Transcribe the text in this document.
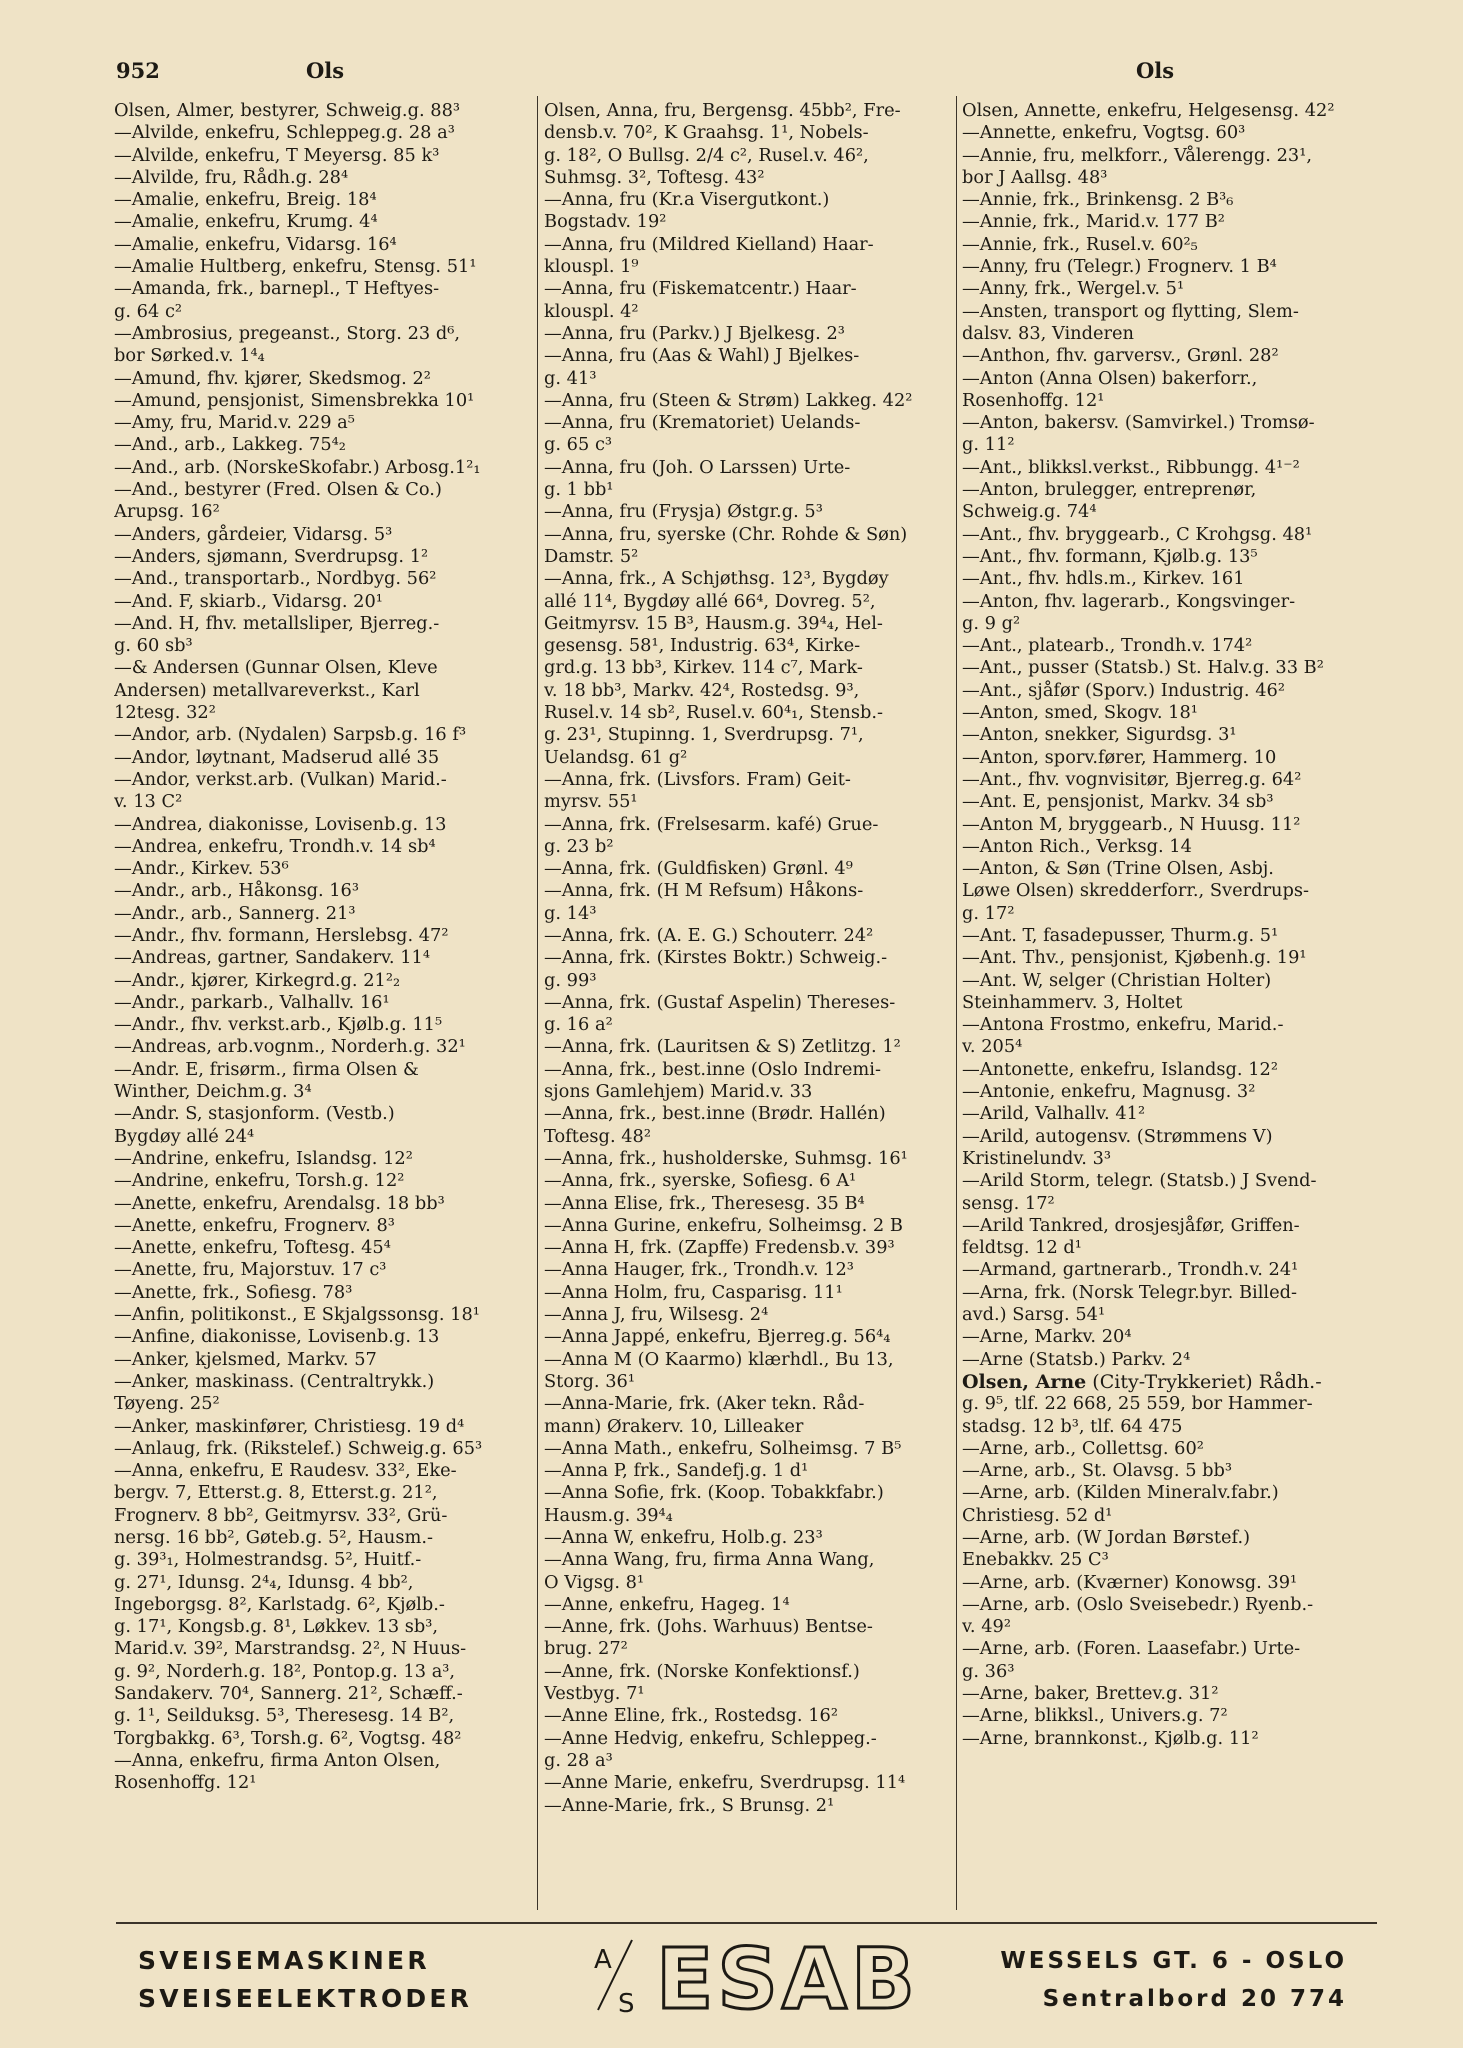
952	Ols	Ols
Olsen, Almer, bestyrer, Schweig.g. 88³
—Alvilde, enkefru, Schleppeg.g. 28 a³
—Alvilde, enkefru, T Meyersg. 85 k³
—Alvilde, fru, Rådh.g. 28⁴
—Amalie, enkefru, Breig. 18⁴
—Amalie, enkefru, Krumg. 4⁴
—Amalie, enkefru, Vidarsg. 16⁴
—Amalie Hultberg, enkefru, Stensg. 51¹
—Amanda, frk., barnepl., T Heftyes-
g. 64 c²
—Ambrosius, pregeanst., Storg. 23 d⁶,
bor Sørked.v. 1⁴₄
—Amund, fhv. kjører, Skedsmog. 2²
—Amund, pensjonist, Simensbrekka 10¹
—Amy, fru, Marid.v. 229 a⁵
—And., arb., Lakkeg. 75⁴₂
—And., arb. (NorskeSkofabr.) Arbosg.1²₁
—And., bestyrer (Fred. Olsen & Co.)
Arupsg. 16²
—Anders, gårdeier, Vidarsg. 5³
—Anders, sjømann, Sverdrupsg. 1²
—And., transportarb., Nordbyg. 56²
—And. F, skiarb., Vidarsg. 20¹
—And. H, fhv. metallsliper, Bjerreg.-
g. 60 sb³
—& Andersen (Gunnar Olsen, Kleve
Andersen) metallvareverkst., Karl
12tesg. 32²
—Andor, arb. (Nydalen) Sarpsb.g. 16 f³
—Andor, løytnant, Madserud allé 35
—Andor, verkst.arb. (Vulkan) Marid.-
v. 13 C²
—Andrea, diakonisse, Lovisenb.g. 13
—Andrea, enkefru, Trondh.v. 14 sb⁴
—Andr., Kirkev. 53⁶
—Andr., arb., Håkonsg. 16³
—Andr., arb., Sannerg. 21³
—Andr., fhv. formann, Herslebsg. 47²
—Andreas, gartner, Sandakerv. 11⁴
—Andr., kjører, Kirkegrd.g. 21²₂
—Andr., parkarb., Valhallv. 16¹
—Andr., fhv. verkst.arb., Kjølb.g. 11⁵
—Andreas, arb.vognm., Norderh.g. 32¹
—Andr. E, frisørm., firma Olsen &
Winther, Deichm.g. 3⁴
—Andr. S, stasjonform. (Vestb.)
Bygdøy allé 24⁴
—Andrine, enkefru, Islandsg. 12²
—Andrine, enkefru, Torsh.g. 12²
—Anette, enkefru, Arendalsg. 18 bb³
—Anette, enkefru, Frognerv. 8³
—Anette, enkefru, Toftesg. 45⁴
—Anette, fru, Majorstuv. 17 c³
—Anette, frk., Sofiesg. 78³
—Anfin, politikonst., E Skjalgssonsg. 18¹
—Anfine, diakonisse, Lovisenb.g. 13
—Anker, kjelsmed, Markv. 57
—Anker, maskinass. (Centraltrykk.)
Tøyeng. 25²
—Anker, maskinfører, Christiesg. 19 d⁴
—Anlaug, frk. (Rikstelef.) Schweig.g. 65³
—Anna, enkefru, E Raudesv. 33², Eke-
bergv. 7, Etterst.g. 8, Etterst.g. 21²,
Frognerv. 8 bb², Geitmyrsv. 33², Grü-
nersg. 16 bb², Gøteb.g. 5², Hausm.-
g. 39³₁, Holmestrandsg. 5², Huitf.-
g. 27¹, Idunsg. 2⁴₄, Idunsg. 4 bb²,
Ingeborgsg. 8², Karlstadg. 6², Kjølb.-
g. 17¹, Kongsb.g. 8¹, Løkkev. 13 sb³,
Marid.v. 39², Marstrandsg. 2², N Huus-
g. 9², Norderh.g. 18², Pontop.g. 13 a³,
Sandakerv. 70⁴, Sannerg. 21², Schæff.-
g. 1¹, Seilduksg. 5³, Theresesg. 14 B²,
Torgbakkg. 6³, Torsh.g. 6², Vogtsg. 48²
—Anna, enkefru, firma Anton Olsen,
Rosenhoffg. 12¹
Olsen, Anna, fru, Bergensg. 45bb², Fre-
densb.v. 70², K Graahsg. 1¹, Nobels-
g. 18², O Bullsg. 2/4 c², Rusel.v. 46²,
Suhmsg. 3², Toftesg. 43²
—Anna, fru (Kr.a Visergutkont.)
Bogstadv. 19²
—Anna, fru (Mildred Kielland) Haar-
klouspl. 1⁹
—Anna, fru (Fiskematcentr.) Haar-
klouspl. 4²
—Anna, fru (Parkv.) J Bjelkesg. 2³
—Anna, fru (Aas & Wahl) J Bjelkes-
g. 41³
—Anna, fru (Steen & Strøm) Lakkeg. 42²
—Anna, fru (Krematoriet) Uelands-
g. 65 c³
—Anna, fru (Joh. O Larssen) Urte-
g. 1 bb¹
—Anna, fru (Frysja) Østgr.g. 5³
—Anna, fru, syerske (Chr. Rohde & Søn)
Damstr. 5²
—Anna, frk., A Schjøthsg. 12³, Bygdøy
allé 11⁴, Bygdøy allé 66⁴, Dovreg. 5²,
Geitmyrsv. 15 B³, Hausm.g. 39⁴₄, Hel-
gesensg. 58¹, Industrig. 63⁴, Kirke-
grd.g. 13 bb³, Kirkev. 114 c⁷, Mark-
v. 18 bb³, Markv. 42⁴, Rostedsg. 9³,
Rusel.v. 14 sb², Rusel.v. 60⁴₁, Stensb.-
g. 23¹, Stupinng. 1, Sverdrupsg. 7¹,
Uelandsg. 61 g²
—Anna, frk. (Livsfors. Fram) Geit-
myrsv. 55¹
—Anna, frk. (Frelsesarm. kafé) Grue-
g. 23 b²
—Anna, frk. (Guldfisken) Grønl. 4⁹
—Anna, frk. (H M Refsum) Håkons-
g. 14³
—Anna, frk. (A. E. G.) Schouterr. 24²
—Anna, frk. (Kirstes Boktr.) Schweig.-
g. 99³
—Anna, frk. (Gustaf Aspelin) Thereses-
g. 16 a²
—Anna, frk. (Lauritsen & S) Zetlitzg. 1²
—Anna, frk., best.inne (Oslo Indremi-
sjons Gamlehjem) Marid.v. 33
—Anna, frk., best.inne (Brødr. Hallén)
Toftesg. 48²
—Anna, frk., husholderske, Suhmsg. 16¹
—Anna, frk., syerske, Sofiesg. 6 A¹
—Anna Elise, frk., Theresesg. 35 B⁴
—Anna Gurine, enkefru, Solheimsg. 2 B
—Anna H, frk. (Zapffe) Fredensb.v. 39³
—Anna Hauger, frk., Trondh.v. 12³
—Anna Holm, fru, Casparisg. 11¹
—Anna J, fru, Wilsesg. 2⁴
—Anna Jappé, enkefru, Bjerreg.g. 56⁴₄
—Anna M (O Kaarmo) klærhdl., Bu 13,
Storg. 36¹
—Anna-Marie, frk. (Aker tekn. Råd-
mann) Ørakerv. 10, Lilleaker
—Anna Math., enkefru, Solheimsg. 7 B⁵
—Anna P, frk., Sandefj.g. 1 d¹
—Anna Sofie, frk. (Koop. Tobakkfabr.)
Hausm.g. 39⁴₄
—Anna W, enkefru, Holb.g. 23³
—Anna Wang, fru, firma Anna Wang,
O Vigsg. 8¹
—Anne, enkefru, Hageg. 1⁴
—Anne, frk. (Johs. Warhuus) Bentse-
brug. 27²
—Anne, frk. (Norske Konfektionsf.)
Vestbyg. 7¹
—Anne Eline, frk., Rostedsg. 16²
—Anne Hedvig, enkefru, Schleppeg.-
g. 28 a³
—Anne Marie, enkefru, Sverdrupsg. 11⁴
—Anne-Marie, frk., S Brunsg. 2¹
Olsen, Annette, enkefru, Helgesensg. 42²
—Annette, enkefru, Vogtsg. 60³
—Annie, fru, melkforr., Vålerengg. 23¹,
bor J Aallsg. 48³
—Annie, frk., Brinkensg. 2 B³₆
—Annie, frk., Marid.v. 177 B²
—Annie, frk., Rusel.v. 60²₅
—Anny, fru (Telegr.) Frognerv. 1 B⁴
—Anny, frk., Wergel.v. 5¹
—Ansten, transport og flytting, Slem-
dalsv. 83, Vinderen
—Anthon, fhv. garversv., Grønl. 28²
—Anton (Anna Olsen) bakerforr.,
Rosenhoffg. 12¹
—Anton, bakersv. (Samvirkel.) Tromsø-
g. 11²
—Ant., blikksl.verkst., Ribbungg. 4¹⁻²
—Anton, brulegger, entreprenør,
Schweig.g. 74⁴
—Ant., fhv. bryggearb., C Krohgsg. 48¹
—Ant., fhv. formann, Kjølb.g. 13⁵
—Ant., fhv. hdls.m., Kirkev. 161
—Anton, fhv. lagerarb., Kongsvinger-
g. 9 g²
—Ant., platearb., Trondh.v. 174²
—Ant., pusser (Statsb.) St. Halv.g. 33 B²
—Ant., sjåfør (Sporv.) Industrig. 46²
—Anton, smed, Skogv. 18¹
—Anton, snekker, Sigurdsg. 3¹
—Anton, sporv.fører, Hammerg. 10
—Ant., fhv. vognvisitør, Bjerreg.g. 64²
—Ant. E, pensjonist, Markv. 34 sb³
—Anton M, bryggearb., N Huusg. 11²
—Anton Rich., Verksg. 14
—Anton, & Søn (Trine Olsen, Asbj.
Løwe Olsen) skredderforr., Sverdrups-
g. 17²
—Ant. T, fasadepusser, Thurm.g. 5¹
—Ant. Thv., pensjonist, Kjøbenh.g. 19¹
—Ant. W, selger (Christian Holter)
Steinhammerv. 3, Holtet
—Antona Frostmo, enkefru, Marid.-
v. 205⁴
—Antonette, enkefru, Islandsg. 12²
—Antonie, enkefru, Magnusg. 3²
—Arild, Valhallv. 41²
—Arild, autogensv. (Strømmens V)
Kristinelundv. 3³
—Arild Storm, telegr. (Statsb.) J Svend-
sensg. 17²
—Arild Tankred, drosjesjåfør, Griffen-
feldtsg. 12 d¹
—Armand, gartnerarb., Trondh.v. 24¹
—Arna, frk. (Norsk Telegr.byr. Billed-
avd.) Sarsg. 54¹
—Arne, Markv. 20⁴
—Arne (Statsb.) Parkv. 2⁴
Olsen, Arne (City-Trykkeriet) Rådh.-
g. 9⁵, tlf. 22 668, 25 559, bor Hammer-
stadsg. 12 b³, tlf. 64 475
—Arne, arb., Collettsg. 60²
—Arne, arb., St. Olavsg. 5 bb³
—Arne, arb. (Kilden Mineralv.fabr.)
Christiesg. 52 d¹
—Arne, arb. (W Jordan Børstef.)
Enebakkv. 25 C³
—Arne, arb. (Kværner) Konowsg. 39¹
—Arne, arb. (Oslo Sveisebedr.) Ryenb.-
v. 49²
—Arne, arb. (Foren. Laasefabr.) Urte-
g. 36³
—Arne, baker, Brettev.g. 31²
—Arne, blikksl., Univers.g. 7²
—Arne, brannkonst., Kjølb.g. 11²
SVEISEMASKINER
SVEISEELEKTRODER
A
S ESAB	WESSELS GT. 6 - OSLO
Sentralbord 20 774
